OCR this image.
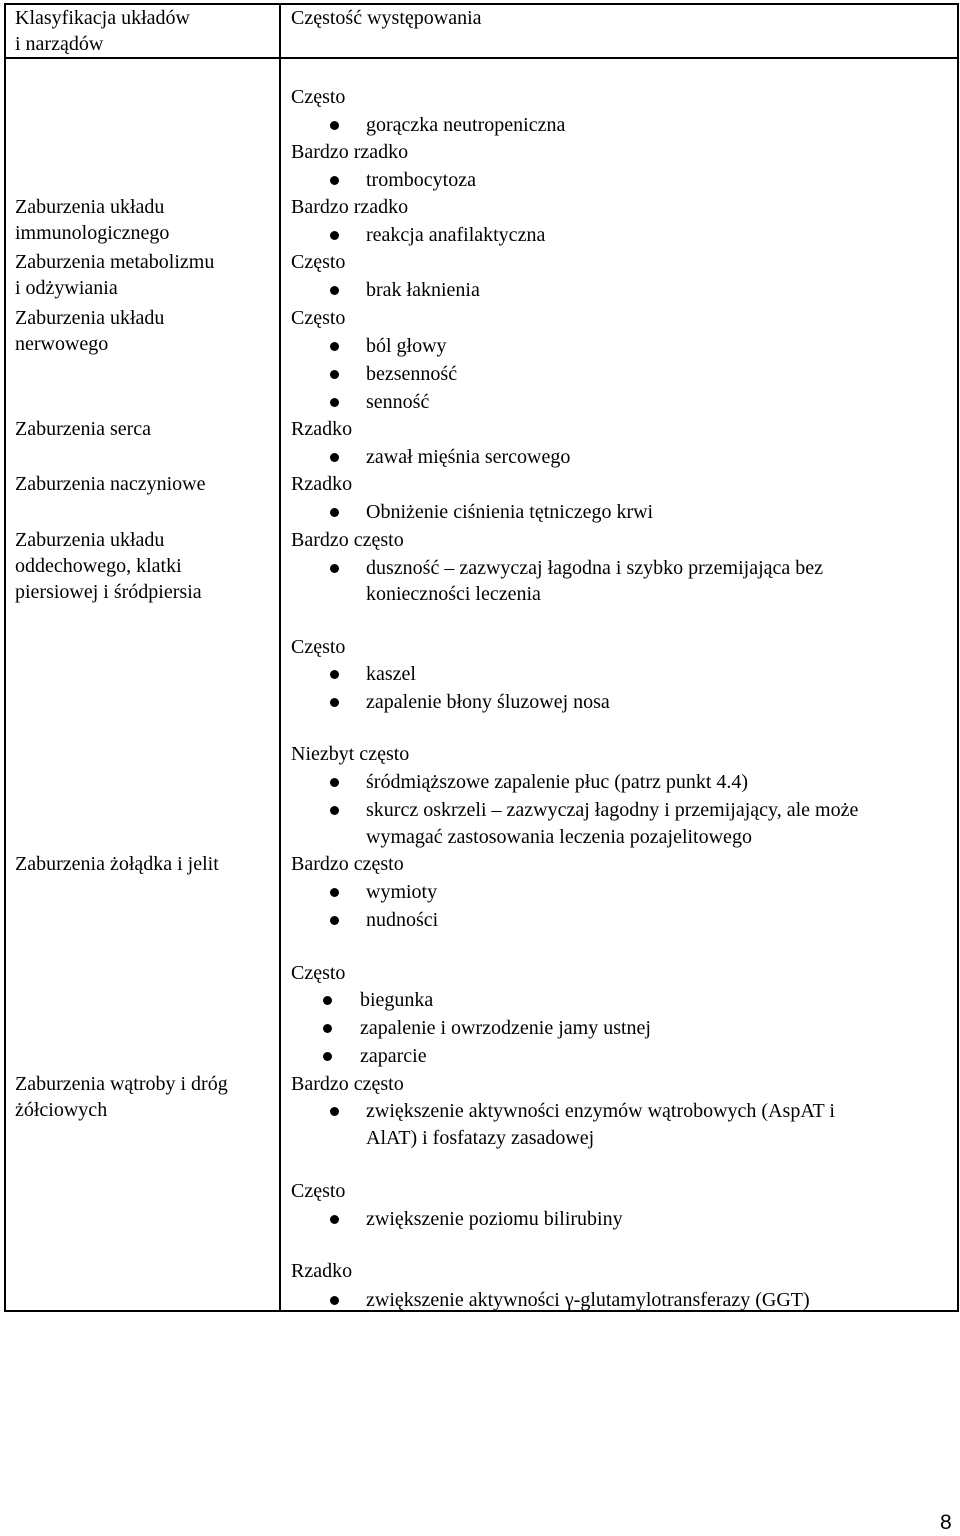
Klasyfikacja układów
i narządów
Częstość występowania
Zaburzenia układu
immunologicznego
Zaburzenia metabolizmu
i odżywiania
Zaburzenia układu
nerwowego
Zaburzenia serca
Zaburzenia naczyniowe
Zaburzenia układu
oddechowego, klatki
piersiowej i śródpiersia
Zaburzenia żołądka i jelit
Zaburzenia wątroby i dróg
żółciowych
Często
gorączka neutropeniczna
Bardzo rzadko
trombocytoza
Bardzo rzadko
reakcja anafilaktyczna
Często
brak łaknienia
Często
ból głowy
bezsenność
senność
Rzadko
zawał mięśnia sercowego
Rzadko
Obniżenie ciśnienia tętniczego krwi
Bardzo często
duszność – zazwyczaj łagodna i szybko przemijająca bez
konieczności leczenia
Często
kaszel
zapalenie błony śluzowej nosa
Niezbyt często
śródmiąższowe zapalenie płuc (patrz punkt 4.4)
skurcz oskrzeli – zazwyczaj łagodny i przemijający, ale może
wymagać zastosowania leczenia pozajelitowego
Bardzo często
wymioty
nudności
Często
biegunka
zapalenie i owrzodzenie jamy ustnej
zaparcie
Bardzo często
zwiększenie aktywności enzymów wątrobowych (AspAT i
AlAT) i fosfatazy zasadowej
Często
zwiększenie poziomu bilirubiny
Rzadko
zwiększenie aktywności γ-glutamylotransferazy (GGT)
8
